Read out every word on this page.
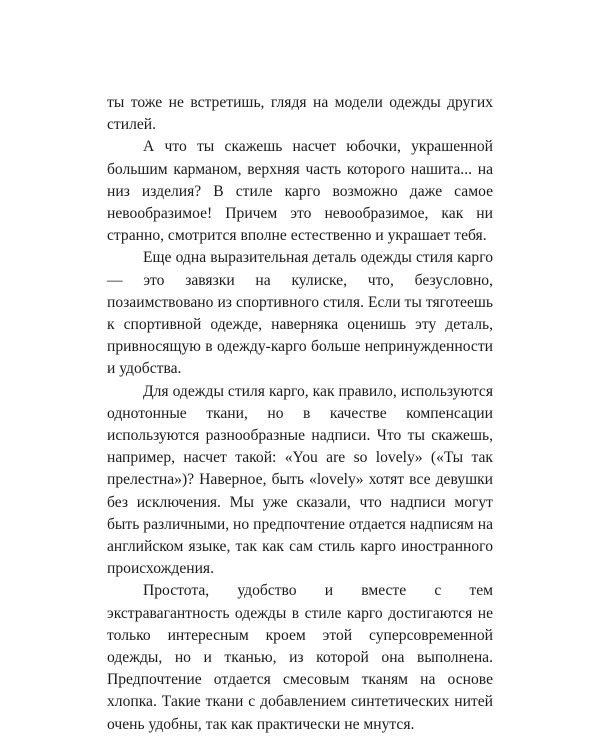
ты тоже не встретишь, глядя на модели одежды других стилей.

А что ты скажешь насчет юбочки, украшенной большим карманом, верхняя часть которого нашита... на низ изделия? В стиле карго возможно даже самое невообразимое! Причем это невообразимое, как ни странно, смотрится вполне естественно и украшает тебя.

Еще одна выразительная деталь одежды стиля карго — это завязки на кулиске, что, безусловно, позаимствовано из спортивного стиля. Если ты тяготеешь к спортивной одежде, наверняка оценишь эту деталь, привносящую в одежду-карго больше непринужденности и удобства.

Для одежды стиля карго, как правило, используются однотонные ткани, но в качестве компенсации используются разнообразные надписи. Что ты скажешь, например, насчет такой: «You are so lovely» («Ты так прелестна»)? Наверное, быть «lovely» хотят все девушки без исключения. Мы уже сказали, что надписи могут быть различными, но предпочтение отдается надписям на английском языке, так как сам стиль карго иностранного происхождения.

Простота, удобство и вместе с тем экстравагантность одежды в стиле карго достигаются не только интересным кроем этой суперсовременной одежды, но и тканью, из которой она выполнена. Предпочтение отдается смесовым тканям на основе хлопка. Такие ткани с добавлением синтетических нитей очень удобны, так как практически не мнутся.
